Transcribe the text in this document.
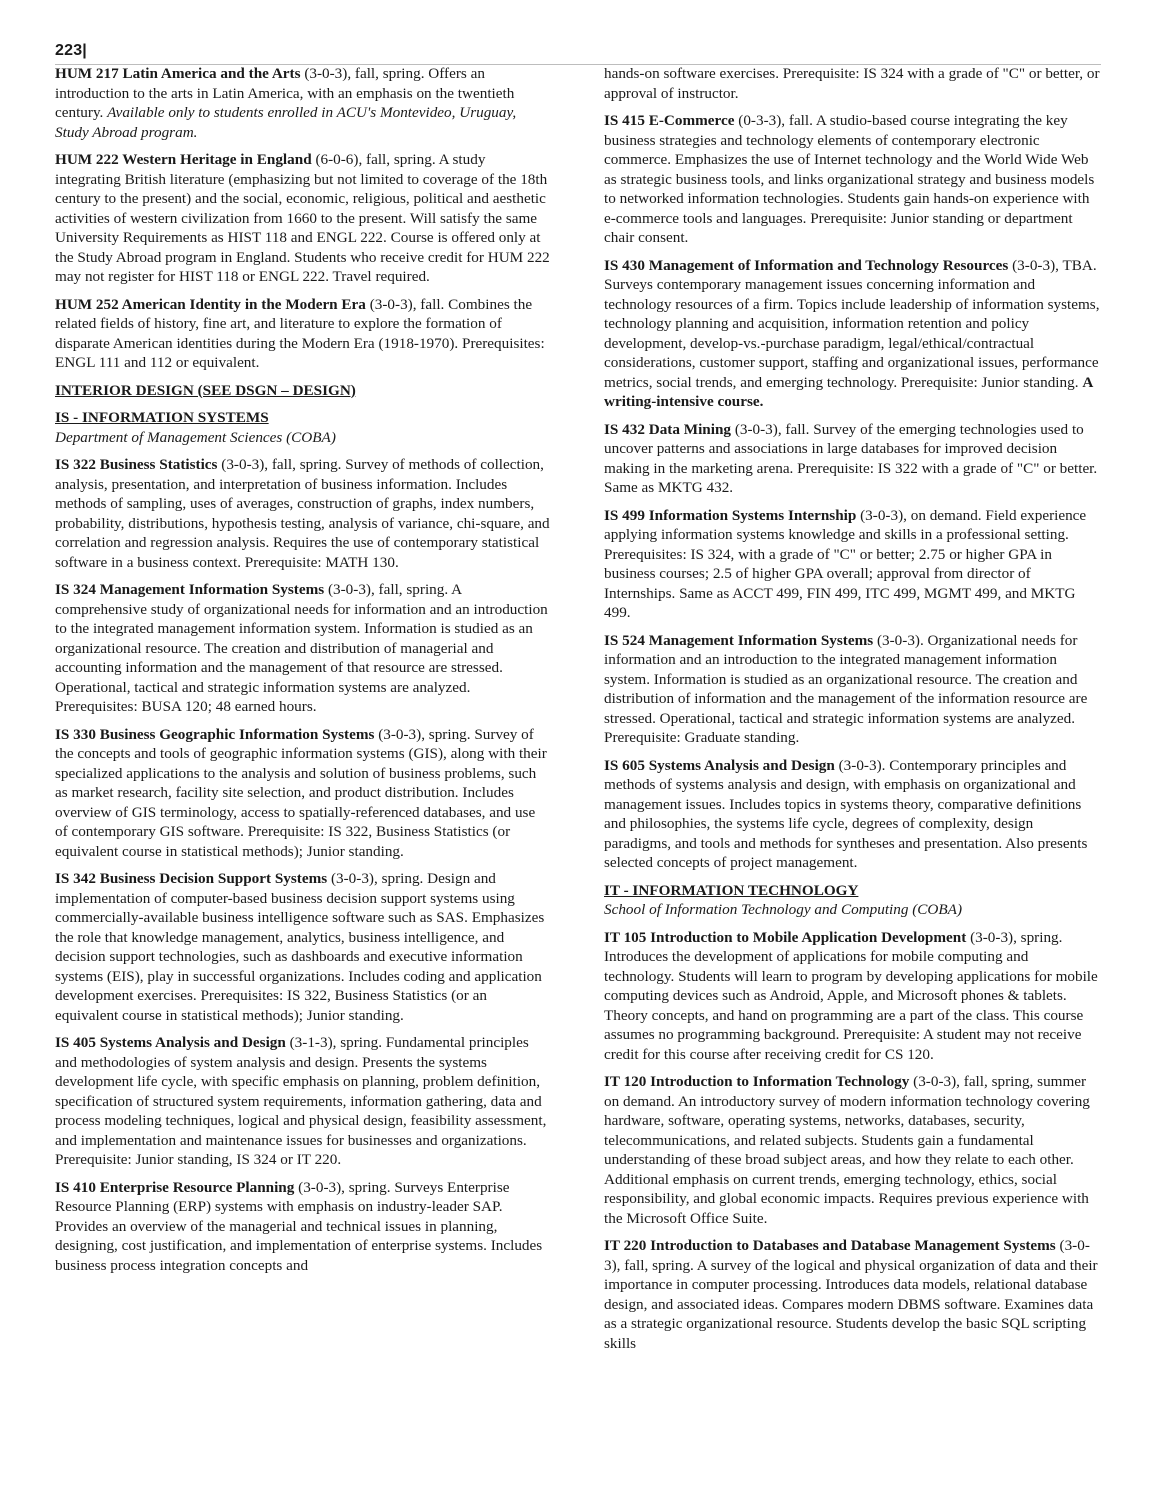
223|

HUM 217 Latin America and the Arts (3-0-3), fall, spring. Offers an introduction to the arts in Latin America, with an emphasis on the twentieth century. Available only to students enrolled in ACU's Montevideo, Uruguay, Study Abroad program.

HUM 222 Western Heritage in England (6-0-6), fall, spring. A study integrating British literature (emphasizing but not limited to coverage of the 18th century to the present) and the social, economic, religious, political and aesthetic activities of western civilization from 1660 to the present. Will satisfy the same University Requirements as HIST 118 and ENGL 222. Course is offered only at the Study Abroad program in England. Students who receive credit for HUM 222 may not register for HIST 118 or ENGL 222. Travel required.

HUM 252 American Identity in the Modern Era (3-0-3), fall. Combines the related fields of history, fine art, and literature to explore the formation of disparate American identities during the Modern Era (1918-1970). Prerequisites: ENGL 111 and 112 or equivalent.

INTERIOR DESIGN (SEE DSGN – DESIGN)
IS - INFORMATION SYSTEMS
Department of Management Sciences (COBA)

IS 322 Business Statistics (3-0-3), fall, spring. Survey of methods of collection, analysis, presentation, and interpretation of business information. Includes methods of sampling, uses of averages, construction of graphs, index numbers, probability, distributions, hypothesis testing, analysis of variance, chi-square, and correlation and regression analysis. Requires the use of contemporary statistical software in a business context. Prerequisite: MATH 130.

IS 324 Management Information Systems (3-0-3), fall, spring. A comprehensive study of organizational needs for information and an introduction to the integrated management information system. Information is studied as an organizational resource. The creation and distribution of managerial and accounting information and the management of that resource are stressed. Operational, tactical and strategic information systems are analyzed. Prerequisites: BUSA 120; 48 earned hours.

IS 330 Business Geographic Information Systems (3-0-3), spring. Survey of the concepts and tools of geographic information systems (GIS), along with their specialized applications to the analysis and solution of business problems, such as market research, facility site selection, and product distribution. Includes overview of GIS terminology, access to spatially-referenced databases, and use of contemporary GIS software. Prerequisite: IS 322, Business Statistics (or equivalent course in statistical methods); Junior standing.

IS 342 Business Decision Support Systems (3-0-3), spring. Design and implementation of computer-based business decision support systems using commercially-available business intelligence software such as SAS. Emphasizes the role that knowledge management, analytics, business intelligence, and decision support technologies, such as dashboards and executive information systems (EIS), play in successful organizations. Includes coding and application development exercises. Prerequisites: IS 322, Business Statistics (or an equivalent course in statistical methods); Junior standing.

IS 405 Systems Analysis and Design (3-1-3), spring. Fundamental principles and methodologies of system analysis and design. Presents the systems development life cycle, with specific emphasis on planning, problem definition, specification of structured system requirements, information gathering, data and process modeling techniques, logical and physical design, feasibility assessment, and implementation and maintenance issues for businesses and organizations. Prerequisite: Junior standing, IS 324 or IT 220.

IS 410 Enterprise Resource Planning (3-0-3), spring. Surveys Enterprise Resource Planning (ERP) systems with emphasis on industry-leader SAP. Provides an overview of the managerial and technical issues in planning, designing, cost justification, and implementation of enterprise systems. Includes business process integration concepts and

hands-on software exercises. Prerequisite: IS 324 with a grade of "C" or better, or approval of instructor.

IS 415 E-Commerce (0-3-3), fall. A studio-based course integrating the key business strategies and technology elements of contemporary electronic commerce. Emphasizes the use of Internet technology and the World Wide Web as strategic business tools, and links organizational strategy and business models to networked information technologies. Students gain hands-on experience with e-commerce tools and languages. Prerequisite: Junior standing or department chair consent.

IS 430 Management of Information and Technology Resources (3-0-3), TBA. Surveys contemporary management issues concerning information and technology resources of a firm. Topics include leadership of information systems, technology planning and acquisition, information retention and policy development, develop-vs.-purchase paradigm, legal/ethical/contractual considerations, customer support, staffing and organizational issues, performance metrics, social trends, and emerging technology. Prerequisite: Junior standing. A writing-intensive course.

IS 432 Data Mining (3-0-3), fall. Survey of the emerging technologies used to uncover patterns and associations in large databases for improved decision making in the marketing arena. Prerequisite: IS 322 with a grade of "C" or better. Same as MKTG 432.

IS 499 Information Systems Internship (3-0-3), on demand. Field experience applying information systems knowledge and skills in a professional setting. Prerequisites: IS 324, with a grade of "C" or better; 2.75 or higher GPA in business courses; 2.5 of higher GPA overall; approval from director of Internships. Same as ACCT 499, FIN 499, ITC 499, MGMT 499, and MKTG 499.

IS 524 Management Information Systems (3-0-3). Organizational needs for information and an introduction to the integrated management information system. Information is studied as an organizational resource. The creation and distribution of information and the management of the information resource are stressed. Operational, tactical and strategic information systems are analyzed. Prerequisite: Graduate standing.

IS 605 Systems Analysis and Design (3-0-3). Contemporary principles and methods of systems analysis and design, with emphasis on organizational and management issues. Includes topics in systems theory, comparative definitions and philosophies, the systems life cycle, degrees of complexity, design paradigms, and tools and methods for syntheses and presentation. Also presents selected concepts of project management.

IT - INFORMATION TECHNOLOGY
School of Information Technology and Computing (COBA)

IT 105 Introduction to Mobile Application Development (3-0-3), spring. Introduces the development of applications for mobile computing and technology. Students will learn to program by developing applications for mobile computing devices such as Android, Apple, and Microsoft phones & tablets. Theory concepts, and hand on programming are a part of the class. This course assumes no programming background. Prerequisite: A student may not receive credit for this course after receiving credit for CS 120.

IT 120 Introduction to Information Technology (3-0-3), fall, spring, summer on demand. An introductory survey of modern information technology covering hardware, software, operating systems, networks, databases, security, telecommunications, and related subjects. Students gain a fundamental understanding of these broad subject areas, and how they relate to each other. Additional emphasis on current trends, emerging technology, ethics, social responsibility, and global economic impacts. Requires previous experience with the Microsoft Office Suite.

IT 220 Introduction to Databases and Database Management Systems (3-0-3), fall, spring. A survey of the logical and physical organization of data and their importance in computer processing. Introduces data models, relational database design, and associated ideas. Compares modern DBMS software. Examines data as a strategic organizational resource. Students develop the basic SQL scripting skills
